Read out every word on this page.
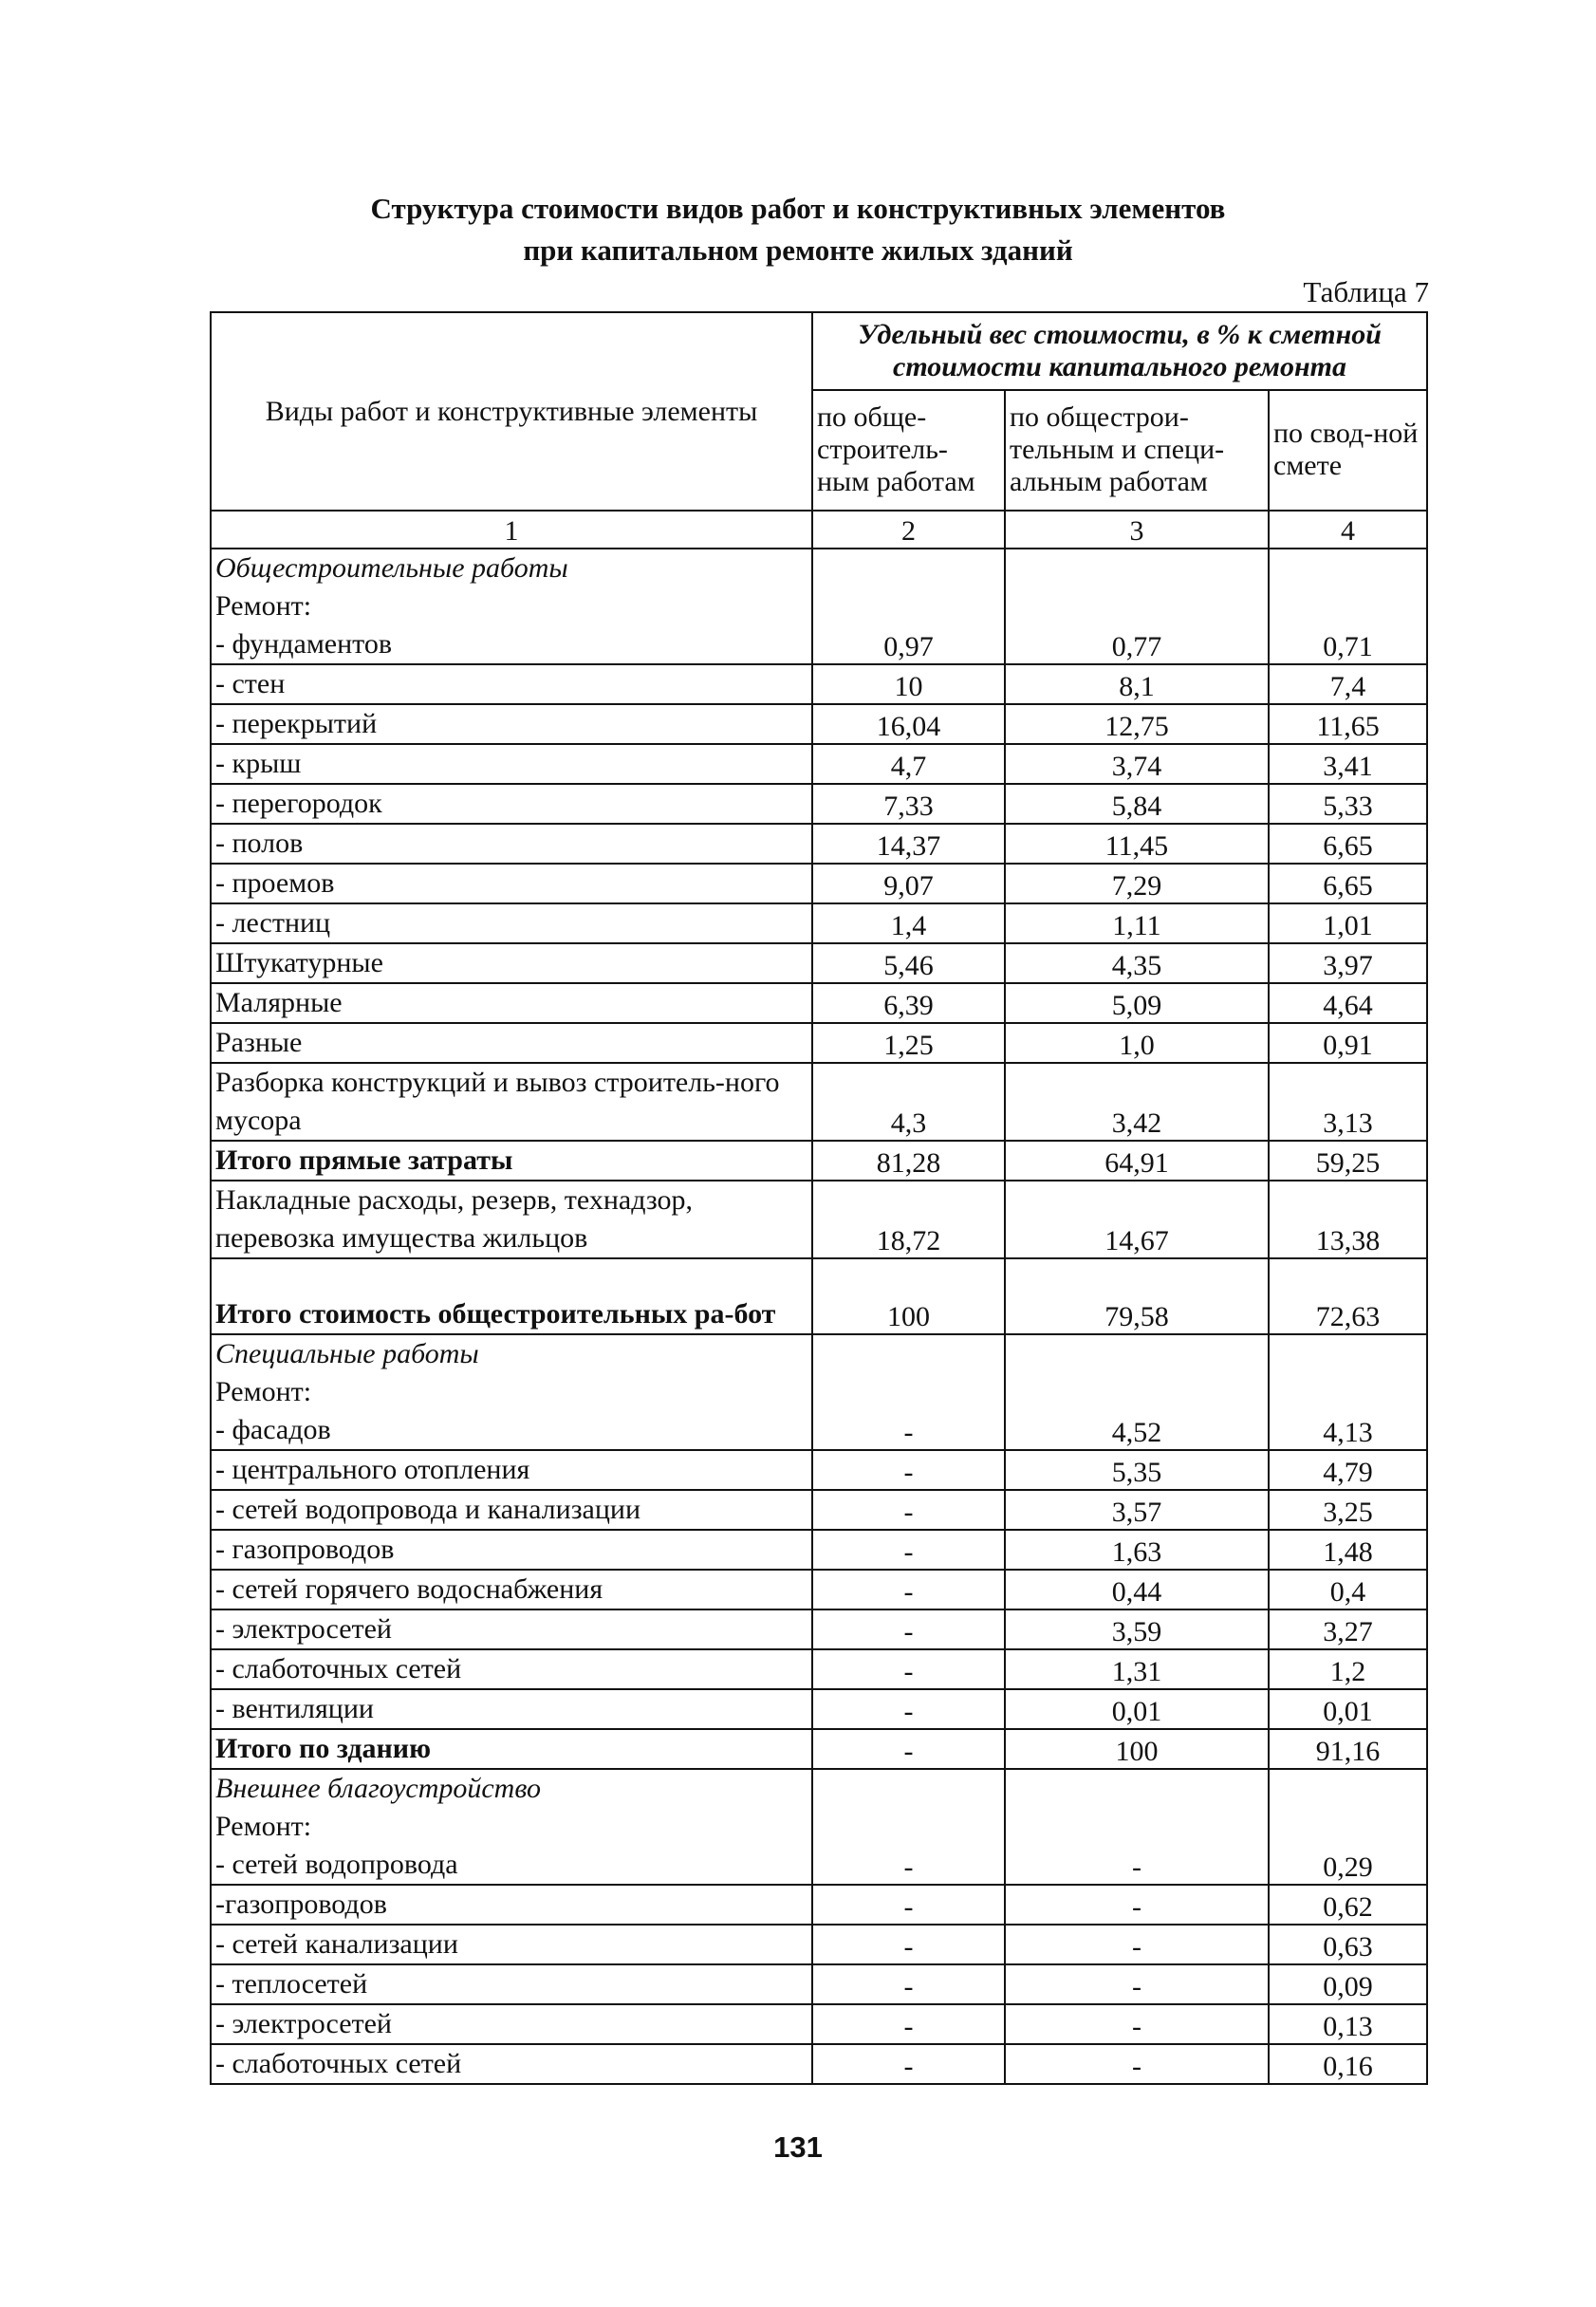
Структура стоимости видов работ и конструктивных элементов
при капитальном ремонте жилых зданий
Таблица 7
Виды работ и конструктивные элементы	Удельный вес стоимости, в % к сметной стоимости капитального ремонта		
	по обще-строитель-ным работам	по общестрои-тельным и специ-альным работам	по свод-ной смете
1	2	3	4

Общестроительные работы
Ремонт:
- фундаментов	0,97	0,77	0,71
- стен	10	8,1	7,4
- перекрытий	16,04	12,75	11,65
- крыш	4,7	3,74	3,41
- перегородок	7,33	5,84	5,33
- полов	14,37	11,45	6,65
- проемов	9,07	7,29	6,65
- лестниц	1,4	1,11	1,01
Штукатурные	5,46	4,35	3,97
Малярные	6,39	5,09	4,64
Разные	1,25	1,0	0,91
Разборка конструкций и вывоз строитель-ного мусора	4,3	3,42	3,13
Итого прямые затраты	81,28	64,91	59,25
Накладные расходы, резерв, технадзор, перевозка имущества жильцов	18,72	14,67	13,38
Итого стоимость общестроительных ра-бот	100	79,58	72,63

Специальные работы
Ремонт:
- фасадов	-	4,52	4,13
- центрального отопления	-	5,35	4,79
- сетей водопровода и канализации	-	3,57	3,25
- газопроводов	-	1,63	1,48
- сетей горячего водоснабжения	-	0,44	0,4
- электросетей	-	3,59	3,27
- слаботочных сетей	-	1,31	1,2
- вентиляции	-	0,01	0,01
Итого по зданию	-	100	91,16

Внешнее благоустройство
Ремонт:
- сетей водопровода	-	-	0,29
-газопроводов	-	-	0,62
- сетей канализации	-	-	0,63
- теплосетей	-	-	0,09
- электросетей	-	-	0,13
- слаботочных сетей	-	-	0,16
131
